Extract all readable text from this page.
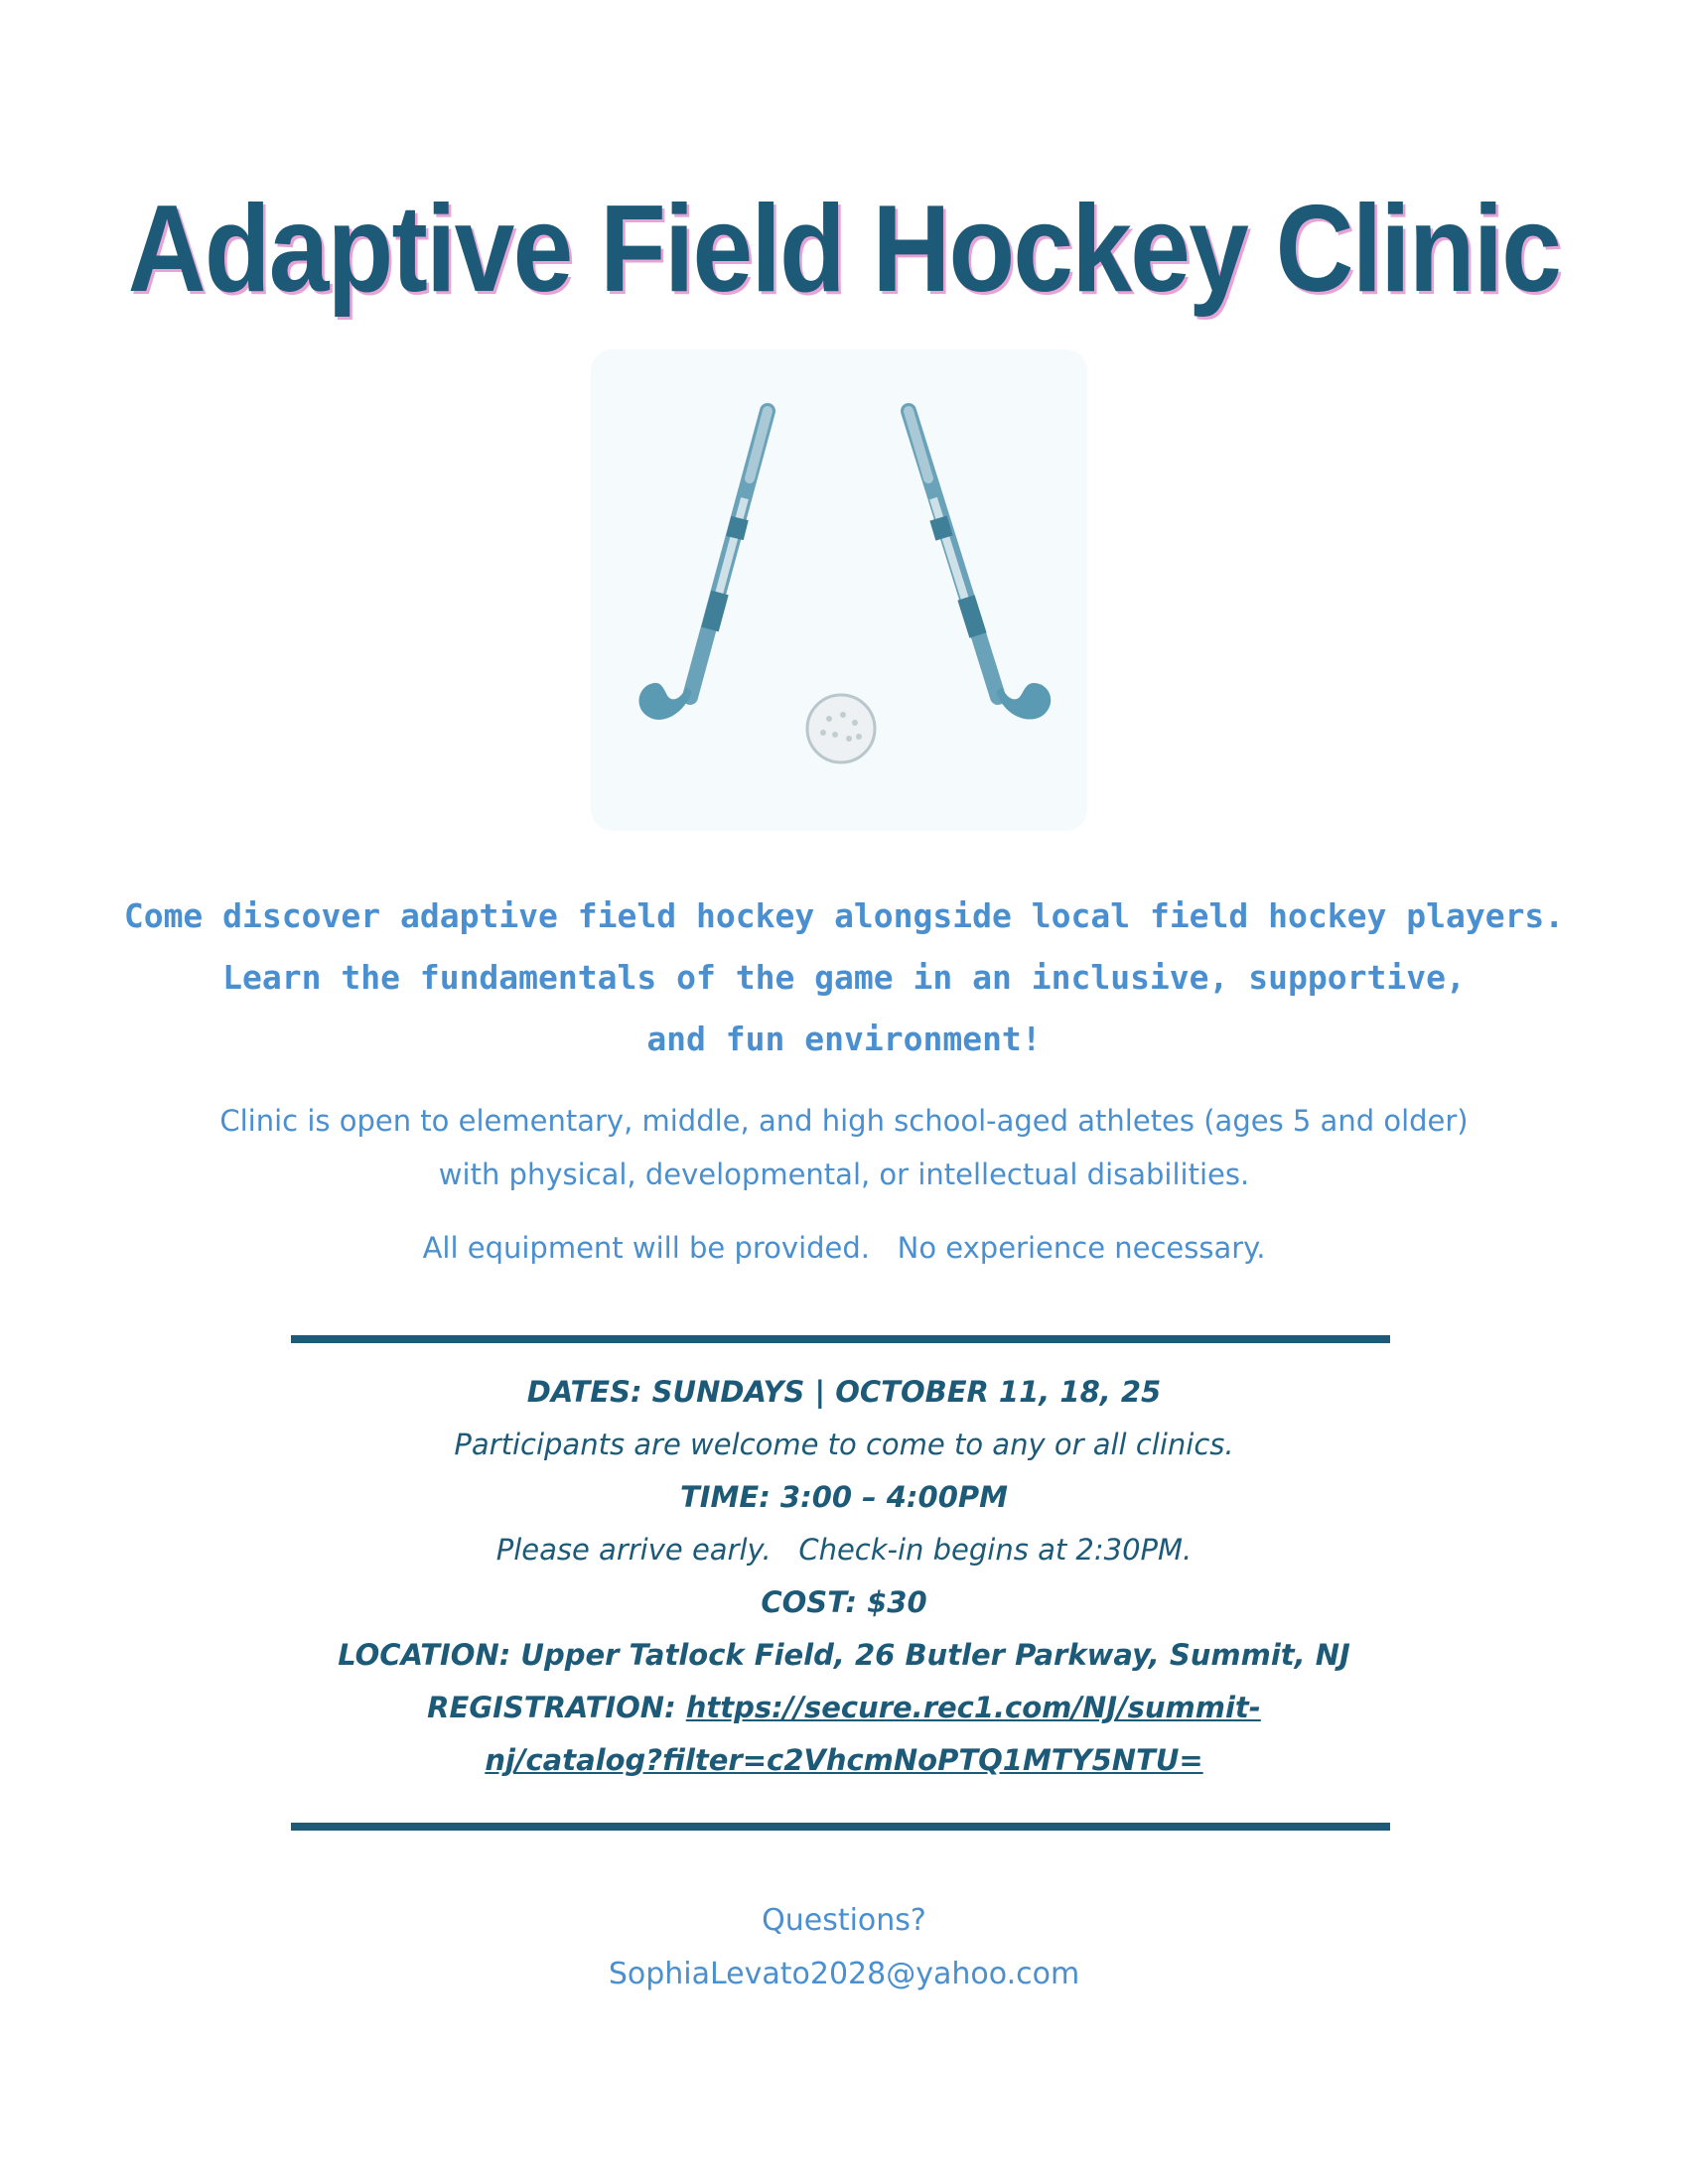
Adaptive Field Hockey Clinic
Come discover adaptive field hockey alongside local field hockey players.
Learn the fundamentals of the game in an inclusive, supportive,
and fun environment!
Clinic is open to elementary, middle, and high school-aged athletes (ages 5 and older)
with physical, developmental, or intellectual disabilities.
All equipment will be provided.   No experience necessary.
DATES: SUNDAYS | OCTOBER 11, 18, 25
Participants are welcome to come to any or all clinics.
TIME: 3:00 – 4:00PM
Please arrive early.   Check-in begins at 2:30PM.
COST: $30
LOCATION: Upper Tatlock Field, 26 Butler Parkway, Summit, NJ
REGISTRATION: https://secure.rec1.com/NJ/summit-
nj/catalog?filter=c2VhcmNoPTQ1MTY5NTU=
Questions?
SophiaLevato2028@yahoo.com
